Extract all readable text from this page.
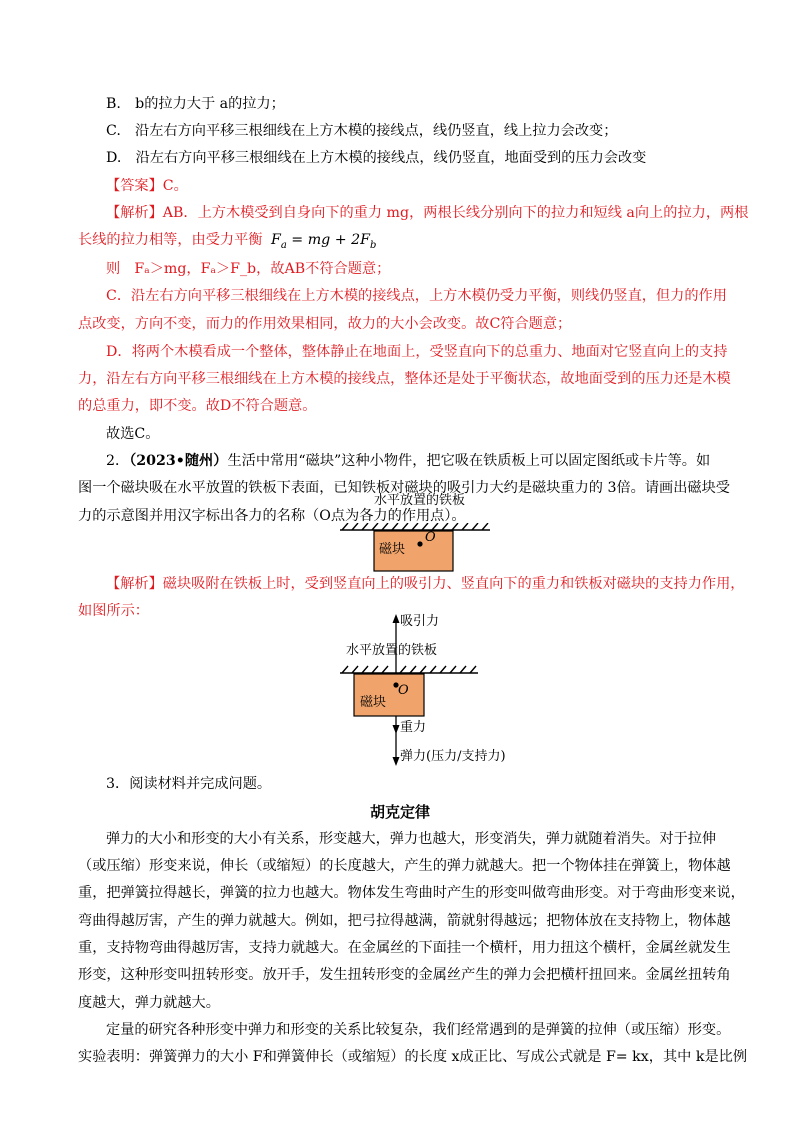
B.　b的拉力大于 a的拉力；
C.　沿左右方向平移三根细线在上方木模的接线点，线仍竖直，线上拉力会改变；
D.　沿左右方向平移三根细线在上方木模的接线点，线仍竖直，地面受到的压力会改变
【答案】C。
【解析】AB．上方木模受到自身向下的重力 mg，两根长线分别向下的拉力和短线 a向上的拉力，两根
长线的拉力相等，由受力平衡 $F_a$ = mg + $2F_b$
则　Fₐ＞mg，Fₐ＞F_b，故AB不符合题意；
C．沿左右方向平移三根细线在上方木模的接线点，上方木模仍受力平衡，则线仍竖直，但力的作用
点改变，方向不变，而力的作用效果相同，故力的大小会改变。故C符合题意；
D．将两个木模看成一个整体，整体静止在地面上，受竖直向下的总重力、地面对它竖直向上的支持
力，沿左右方向平移三根细线在上方木模的接线点，整体还是处于平衡状态，故地面受到的压力还是木模
的总重力，即不变。故D不符合题意。
故选C。
2．（2023•随州）生活中常用“磁块”这种小物件，把它吸在铁质板上可以固定图纸或卡片等。如
图一个磁块吸在水平放置的铁板下表面，已知铁板对磁块的吸引力大约是磁块重力的 3倍。请画出磁块受
力的示意图并用汉字标出各力的名称（O点为各力的作用点）。
水平放置的铁板
磁块
O
【解析】磁块吸附在铁板上时，受到竖直向上的吸引力、竖直向下的重力和铁板对磁块的支持力作用，
如图所示：
吸引力
水平放置的铁板
磁块
O
重力
弹力(压力/支持力)
3．阅读材料并完成问题。
胡克定律
弹力的大小和形变的大小有关系，形变越大，弹力也越大，形变消失，弹力就随着消失。对于拉伸
（或压缩）形变来说，伸长（或缩短）的长度越大，产生的弹力就越大。把一个物体挂在弹簧上，物体越
重，把弹簧拉得越长，弹簧的拉力也越大。物体发生弯曲时产生的形变叫做弯曲形变。对于弯曲形变来说，
弯曲得越厉害，产生的弹力就越大。例如，把弓拉得越满，箭就射得越远；把物体放在支持物上，物体越
重，支持物弯曲得越厉害，支持力就越大。在金属丝的下面挂一个横杆，用力扭这个横杆，金属丝就发生
形变，这种形变叫扭转形变。放开手，发生扭转形变的金属丝产生的弹力会把横杆扭回来。金属丝扭转角
度越大，弹力就越大。
定量的研究各种形变中弹力和形变的关系比较复杂，我们经常遇到的是弹簧的拉伸（或压缩）形变。
实验表明：弹簧弹力的大小 F和弹簧伸长（或缩短）的长度 x成正比、写成公式就是 F= kx，其中 k是比例
